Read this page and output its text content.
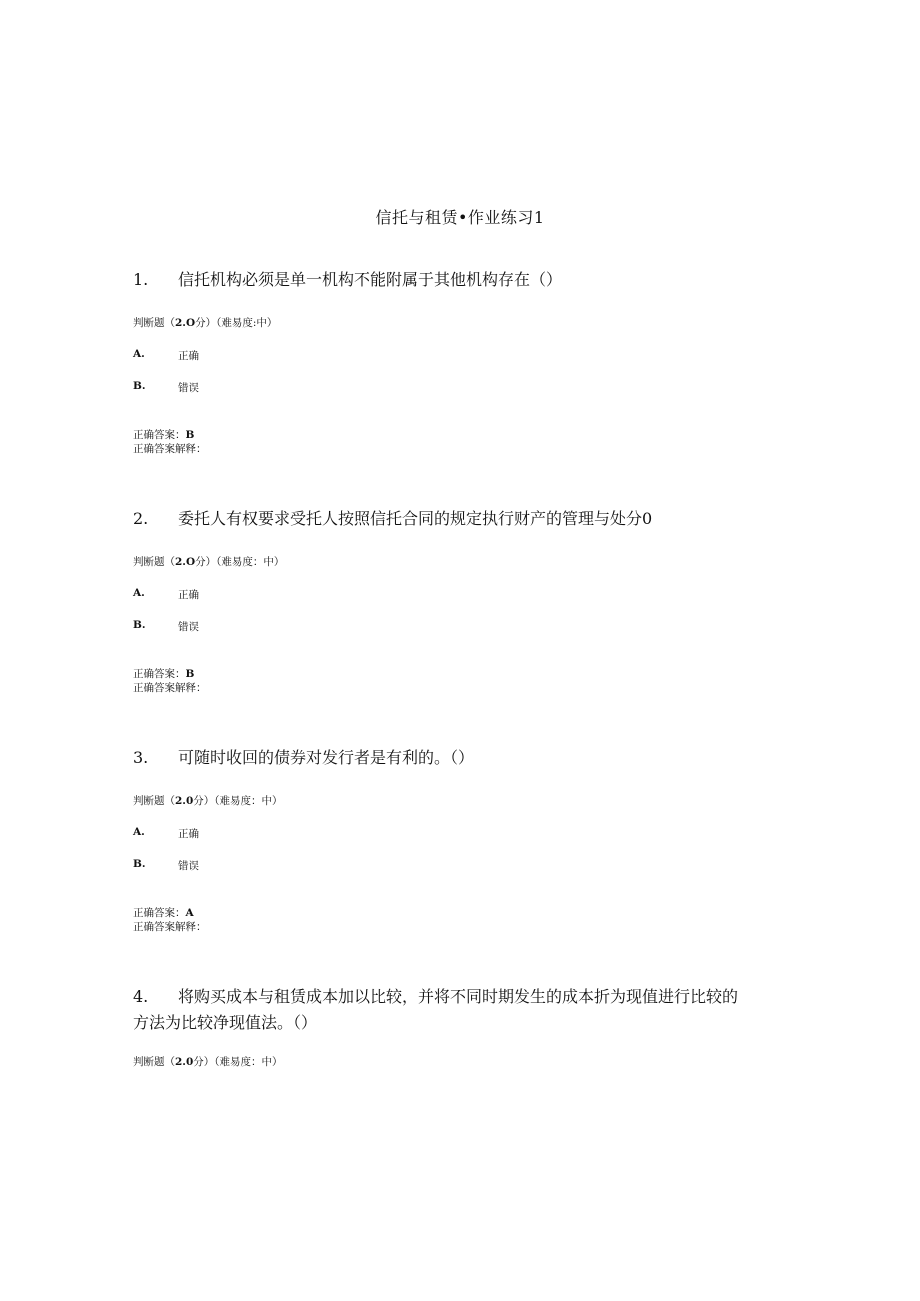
信托与租赁•作业练习1
1.	信托机构必须是单一机构不能附属于其他机构存在（）
判断题（2.O分）（难易度:中）
A.	正确
B.	错误
正确答案：B
正确答案解释：
2.	委托人有权要求受托人按照信托合同的规定执行财产的管理与处分0
判断题（2.O分）（难易度：中）
A.	正确
B.	错误
正确答案：B
正确答案解释：
3.	可随时收回的债券对发行者是有利的。（）
判断题（2.0分）（难易度：中）
A.	正确
B.	错误
正确答案：A
正确答案解释：
4.	将购买成本与租赁成本加以比较，并将不同时期发生的成本折为现值进行比较的方法为比较净现值法。（）
判断题（2.0分）（难易度：中）
